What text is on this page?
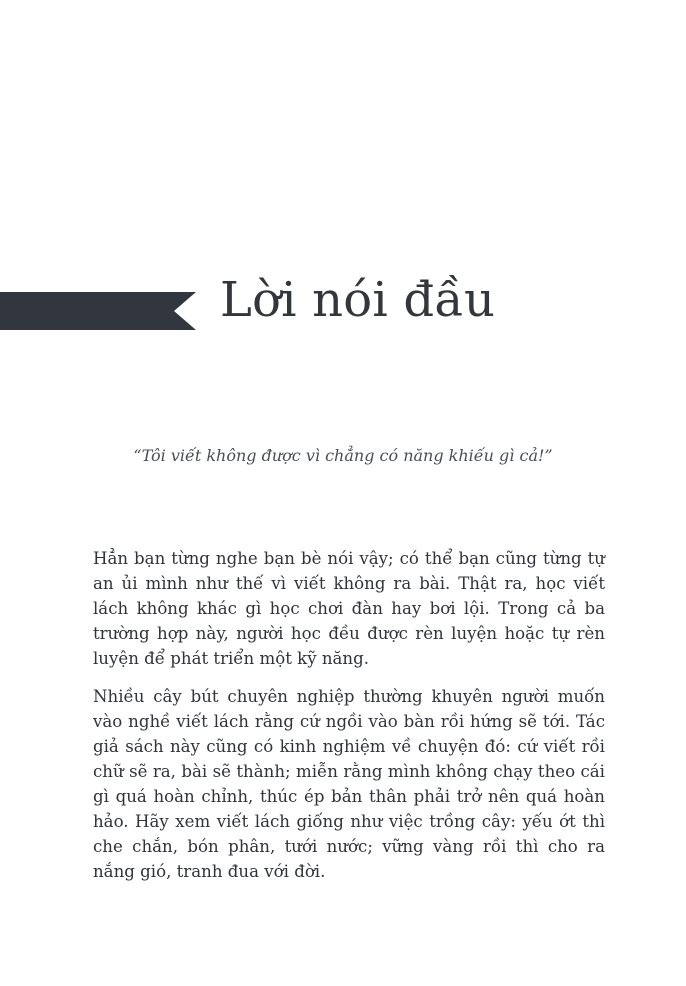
Lời nói đầu

“Tôi viết không được vì chẳng có năng khiếu gì cả!”

Hẳn bạn từng nghe bạn bè nói vậy; có thể bạn cũng từng tự an ủi mình như thế vì viết không ra bài. Thật ra, học viết lách không khác gì học chơi đàn hay bơi lội. Trong cả ba trường hợp này, người học đều được rèn luyện hoặc tự rèn luyện để phát triển một kỹ năng.

Nhiều cây bút chuyên nghiệp thường khuyên người muốn vào nghề viết lách rằng cứ ngồi vào bàn rồi hứng sẽ tới. Tác giả sách này cũng có kinh nghiệm về chuyện đó: cứ viết rồi chữ sẽ ra, bài sẽ thành; miễn rằng mình không chạy theo cái gì quá hoàn chỉnh, thúc ép bản thân phải trở nên quá hoàn hảo. Hãy xem viết lách giống như việc trồng cây: yếu ớt thì che chắn, bón phân, tưới nước; vững vàng rồi thì cho ra nắng gió, tranh đua với đời.
